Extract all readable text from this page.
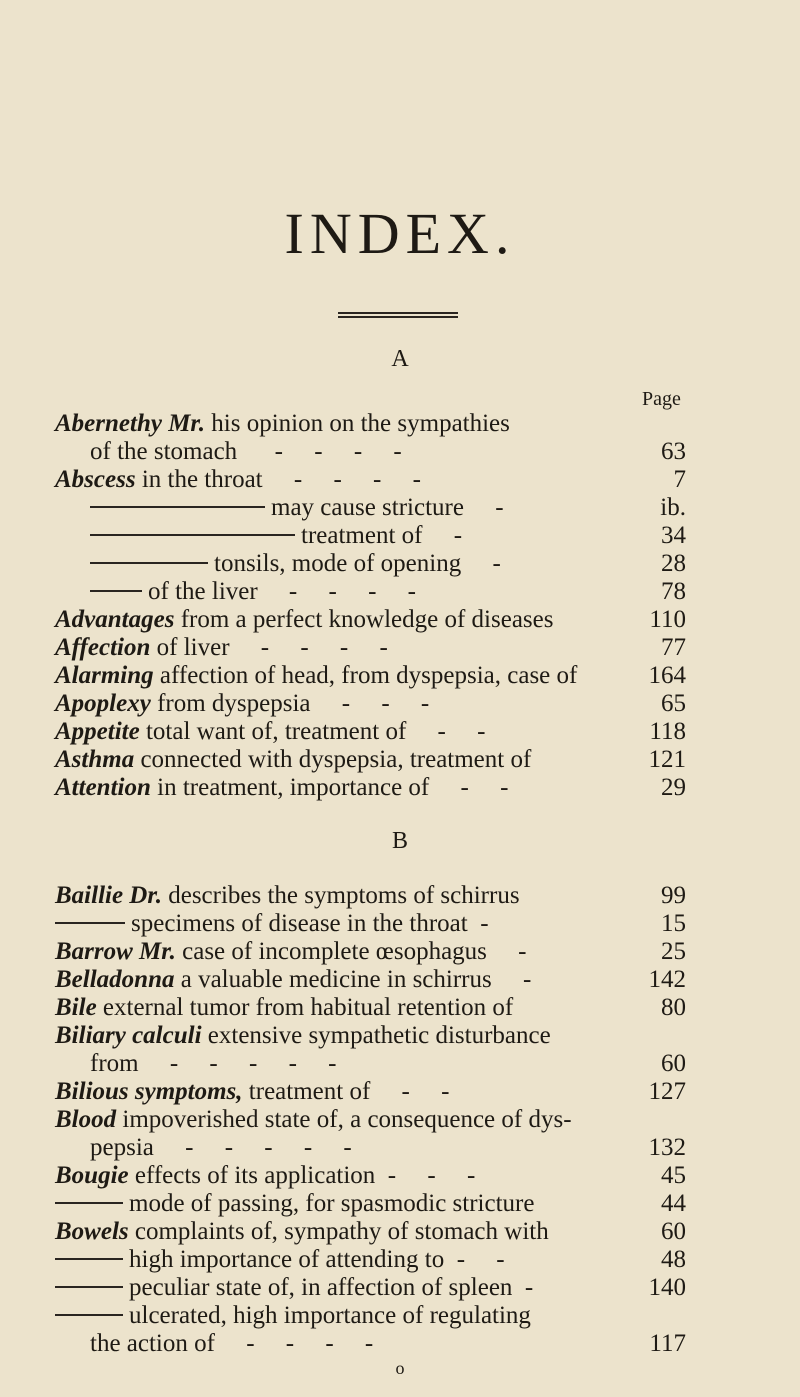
INDEX.
A
Page
Abernethy Mr. his opinion on the sympathies
of the stomach      -     -     -     -	63
Abscess in the throat     -     -     -     -	7
may cause stricture     -	ib.
treatment of     -	34
tonsils, mode of opening     -	28
of the liver     -     -     -     -	78
Advantages from a perfect knowledge of diseases	110
Affection of liver     -     -     -     -	77
Alarming affection of head, from dyspepsia, case of	164
Apoplexy from dyspepsia     -     -     -	65
Appetite total want of, treatment of     -     -	118
Asthma connected with dyspepsia, treatment of	121
Attention in treatment, importance of     -     -	29
B
Baillie Dr. describes the symptoms of schirrus	99
specimens of disease in the throat  -	15
Barrow Mr. case of incomplete œsophagus     -	25
Belladonna a valuable medicine in schirrus     -	142
Bile external tumor from habitual retention of	80
Biliary calculi extensive sympathetic disturbance
from     -     -     -     -     -	60
Bilious symptoms, treatment of     -     -	127
Blood impoverished state of, a consequence of dys-
pepsia     -     -     -     -     -	132
Bougie effects of its application  -     -     -	45
mode of passing, for spasmodic stricture	44
Bowels complaints of, sympathy of stomach with	60
high importance of attending to  -     -	48
peculiar state of, in affection of spleen  -	140
ulcerated, high importance of regulating
the action of     -     -     -     -	117
o
